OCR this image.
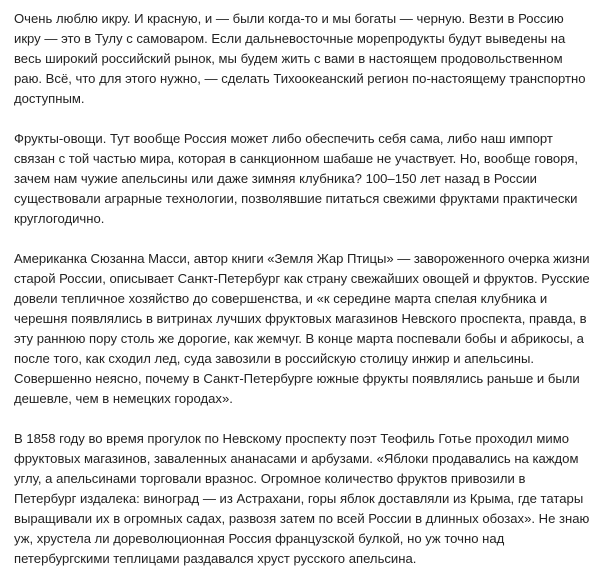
Очень люблю икру. И красную, и — были когда-то и мы богаты — черную. Везти в Россию
икру — это в Тулу с самоваром. Если дальневосточные морепродукты будут выведены на
весь широкий российский рынок, мы будем жить с вами в настоящем продовольственном
раю. Всё, что для этого нужно, — сделать Тихоокеанский регион по-настоящему транспортно
доступным.

Фрукты-овощи. Тут вообще Россия может либо обеспечить себя сама, либо наш импорт
связан с той частью мира, которая в санкционном шабаше не участвует. Но, вообще говоря,
зачем нам чужие апельсины или даже зимняя клубника? 100–150 лет назад в России
существовали аграрные технологии, позволявшие питаться свежими фруктами практически
круглогодично.

Американка Сюзанна Масси, автор книги «Земля Жар Птицы» — завороженного очерка жизни
старой России, описывает Санкт-Петербург как страну свежайших овощей и фруктов. Русские
довели тепличное хозяйство до совершенства, и «к середине марта спелая клубника и
черешня появлялись в витринах лучших фруктовых магазинов Невского проспекта, правда, в
эту раннюю пору столь же дорогие, как жемчуг. В конце марта поспевали бобы и абрикосы, а
после того, как сходил лед, суда завозили в российскую столицу инжир и апельсины.
Совершенно неясно, почему в Санкт-Петербурге южные фрукты появлялись раньше и были
дешевле, чем в немецких городах».

В 1858 году во время прогулок по Невскому проспекту поэт Теофиль Готье проходил мимо
фруктовых магазинов, заваленных ананасами и арбузами. «Яблоки продавались на каждом
углу, а апельсинами торговали вразнос. Огромное количество фруктов привозили в
Петербург издалека: виноград — из Астрахани, горы яблок доставляли из Крыма, где татары
выращивали их в огромных садах, развозя затем по всей России в длинных обозах». Не знаю
уж, хрустела ли дореволюционная Россия французской булкой, но уж точно над
петербургскими теплицами раздавался хруст русского апельсина.
